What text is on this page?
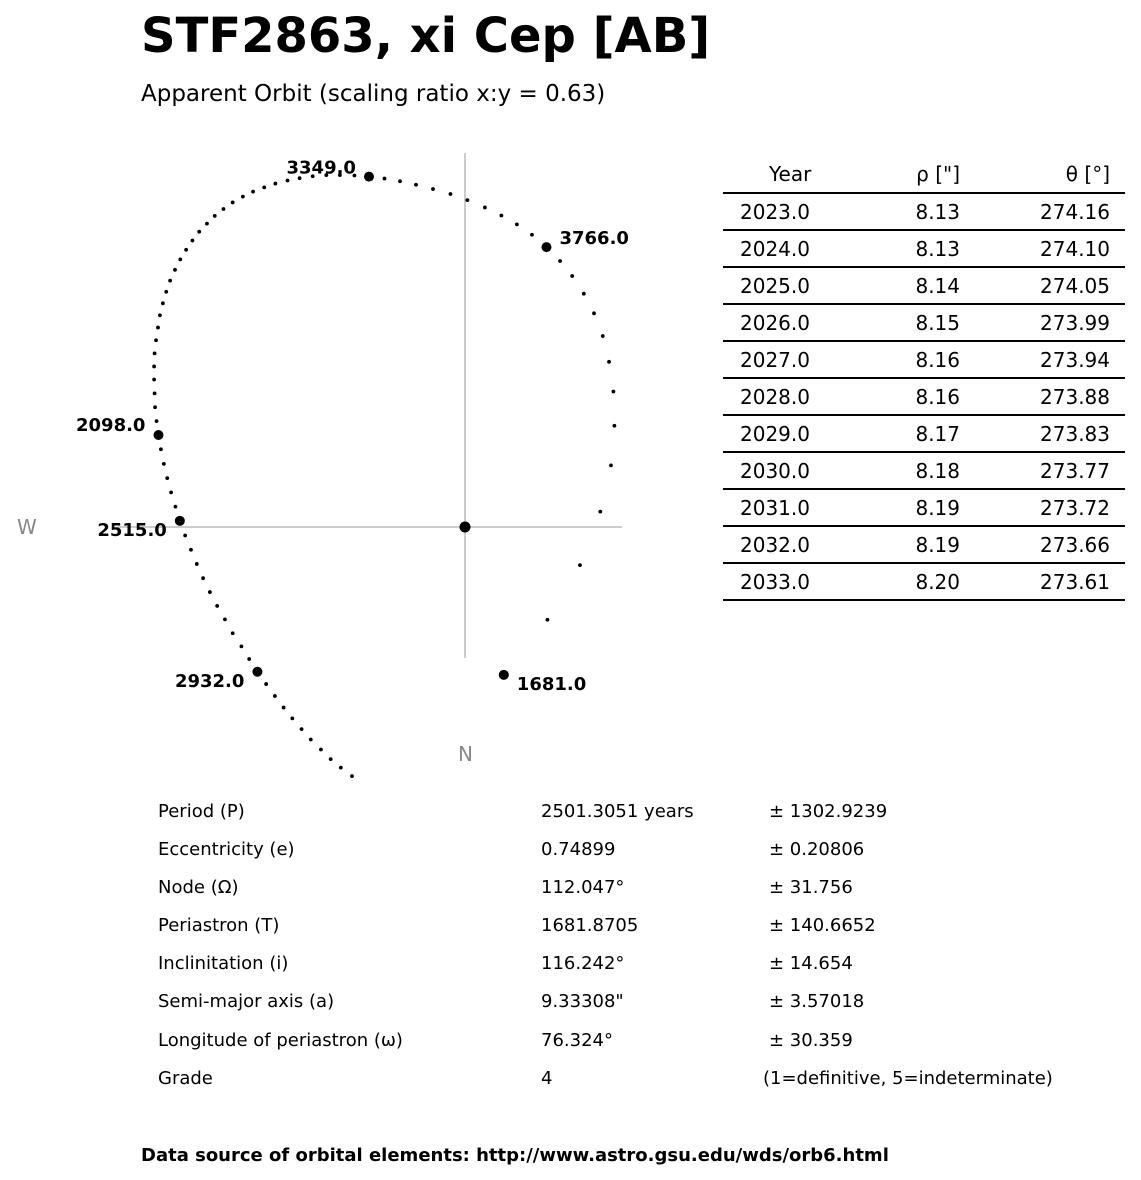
STF2863, xi Cep [AB]
Apparent Orbit (scaling ratio x:y = 0.63)
1681.0
2098.0
2515.0
2932.0
3349.0
3766.0
W
N
Year	ρ ["]	θ [°]
2023.0	8.13	274.16
2024.0	8.13	274.10
2025.0	8.14	274.05
2026.0	8.15	273.99
2027.0	8.16	273.94
2028.0	8.16	273.88
2029.0	8.17	273.83
2030.0	8.18	273.77
2031.0	8.19	273.72
2032.0	8.19	273.66
2033.0	8.20	273.61
Period (P)	2501.3051 years	± 1302.9239
Eccentricity (e)	0.74899	± 0.20806
Node (Ω)	112.047°	± 31.756
Periastron (T)	1681.8705	± 140.6652
Inclinitation (i)	116.242°	± 14.654
Semi-major axis (a)	9.33308"	± 3.57018
Longitude of periastron (ω)	76.324°	± 30.359
Grade	4	(1=definitive, 5=indeterminate)
Data source of orbital elements: http://www.astro.gsu.edu/wds/orb6.html
